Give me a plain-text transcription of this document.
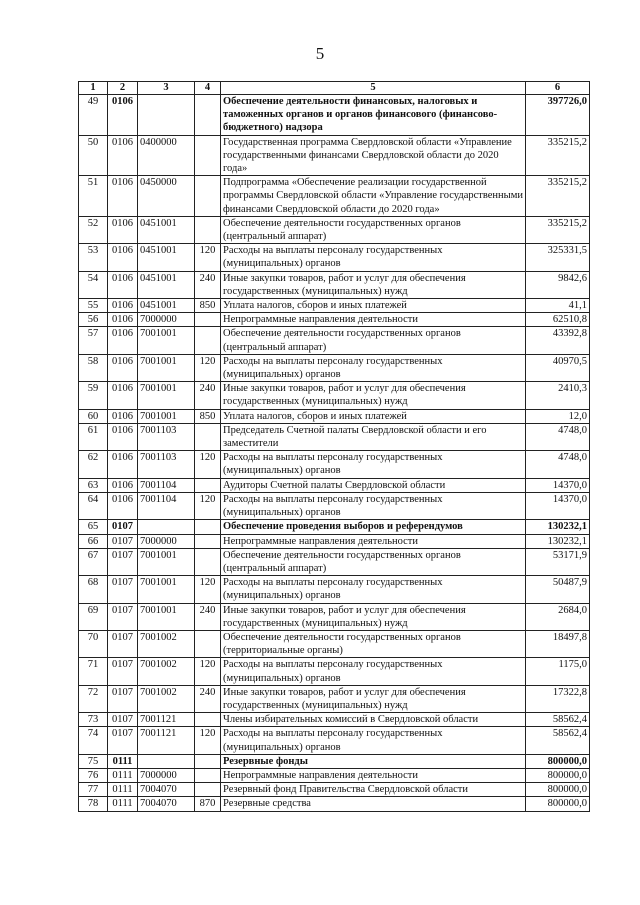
5
1	2	3	4	5	6
49	0106			Обеспечение деятельности финансовых, налоговых и таможенных органов и органов финансового (финансово-бюджетного) надзора	397726,0
50	0106	0400000		Государственная программа Свердловской области «Управление государственными финансами Свердловской области до 2020 года»	335215,2
51	0106	0450000		Подпрограмма «Обеспечение реализации государственной программы Свердловской области «Управление государственными финансами Свердловской области до 2020 года»	335215,2
52	0106	0451001		Обеспечение деятельности государственных органов (центральный аппарат)	335215,2
53	0106	0451001	120	Расходы на выплаты персоналу государственных (муниципальных) органов	325331,5
54	0106	0451001	240	Иные закупки товаров, работ и услуг для обеспечения государственных (муниципальных) нужд	9842,6
55	0106	0451001	850	Уплата налогов, сборов и иных платежей	41,1
56	0106	7000000		Непрограммные направления деятельности	62510,8
57	0106	7001001		Обеспечение деятельности государственных органов (центральный аппарат)	43392,8
58	0106	7001001	120	Расходы на выплаты персоналу государственных (муниципальных) органов	40970,5
59	0106	7001001	240	Иные закупки товаров, работ и услуг для обеспечения государственных (муниципальных) нужд	2410,3
60	0106	7001001	850	Уплата налогов, сборов и иных платежей	12,0
61	0106	7001103		Председатель Счетной палаты Свердловской области и его заместители	4748,0
62	0106	7001103	120	Расходы на выплаты персоналу государственных (муниципальных) органов	4748,0
63	0106	7001104		Аудиторы Счетной палаты Свердловской области	14370,0
64	0106	7001104	120	Расходы на выплаты персоналу государственных (муниципальных) органов	14370,0
65	0107			Обеспечение проведения выборов и референдумов	130232,1
66	0107	7000000		Непрограммные направления деятельности	130232,1
67	0107	7001001		Обеспечение деятельности государственных органов (центральный аппарат)	53171,9
68	0107	7001001	120	Расходы на выплаты персоналу государственных (муниципальных) органов	50487,9
69	0107	7001001	240	Иные закупки товаров, работ и услуг для обеспечения государственных (муниципальных) нужд	2684,0
70	0107	7001002		Обеспечение деятельности государственных органов (территориальные органы)	18497,8
71	0107	7001002	120	Расходы на выплаты персоналу государственных (муниципальных) органов	1175,0
72	0107	7001002	240	Иные закупки товаров, работ и услуг для обеспечения государственных (муниципальных) нужд	17322,8
73	0107	7001121		Члены избирательных комиссий в Свердловской области	58562,4
74	0107	7001121	120	Расходы на выплаты персоналу государственных (муниципальных) органов	58562,4
75	0111			Резервные фонды	800000,0
76	0111	7000000		Непрограммные направления деятельности	800000,0
77	0111	7004070		Резервный фонд Правительства Свердловской области	800000,0
78	0111	7004070	870	Резервные средства	800000,0
